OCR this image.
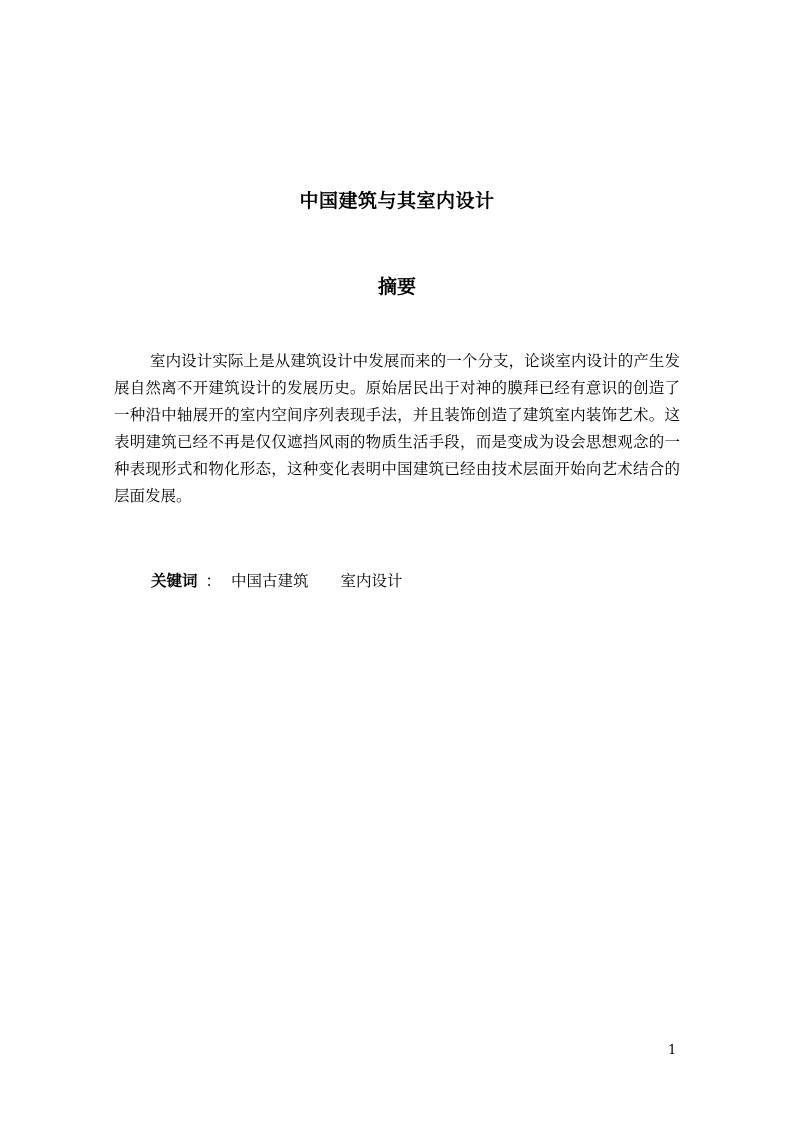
中国建筑与其室内设计
摘要

室内设计实际上是从建筑设计中发展而来的一个分支，论谈室内设计的产生发展自然离不开建筑设计的发展历史。原始居民出于对神的膜拜已经有意识的创造了一种沿中轴展开的室内空间序列表现手法，并且装饰创造了建筑室内装饰艺术。这表明建筑已经不再是仅仅遮挡风雨的物质生活手段，而是变成为设会思想观念的一种表现形式和物化形态，这种变化表明中国建筑已经由技术层面开始向艺术结合的层面发展。

关键词 ： 中国古建筑 室内设计
1
